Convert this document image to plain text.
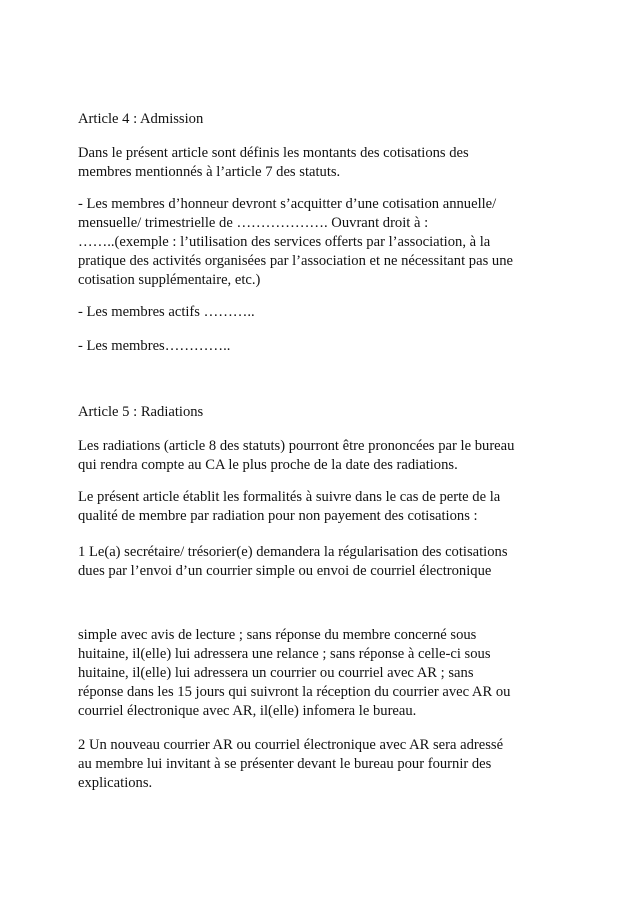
Article 4 : Admission

Dans le présent article sont définis les montants des cotisations des
membres mentionnés à l’article 7 des statuts.

- Les membres d’honneur devront s’acquitter d’une cotisation annuelle/
mensuelle/ trimestrielle de ………………. Ouvrant droit à :
……..(exemple : l’utilisation des services offerts par l’association, à la
pratique des activités organisées par l’association et ne nécessitant pas une
cotisation supplémentaire, etc.)

- Les membres actifs ………..

- Les membres…………..

Article 5 : Radiations

Les radiations (article 8 des statuts) pourront être prononcées par le bureau
qui rendra compte au CA le plus proche de la date des radiations.

Le présent article établit les formalités à suivre dans le cas de perte de la
qualité de membre par radiation pour non payement des cotisations :

1 Le(a) secrétaire/ trésorier(e) demandera la régularisation des cotisations
dues par l’envoi d’un courrier simple ou envoi de courriel électronique

simple avec avis de lecture ; sans réponse du membre concerné sous
huitaine, il(elle) lui adressera une relance ; sans réponse à celle-ci sous
huitaine, il(elle) lui adressera un courrier ou courriel avec AR ; sans
réponse dans les 15 jours qui suivront la réception du courrier avec AR ou
courriel électronique avec AR, il(elle) infomera le bureau.

2 Un nouveau courrier AR ou courriel électronique avec AR sera adressé
au membre lui invitant à se présenter devant le bureau pour fournir des
explications.
